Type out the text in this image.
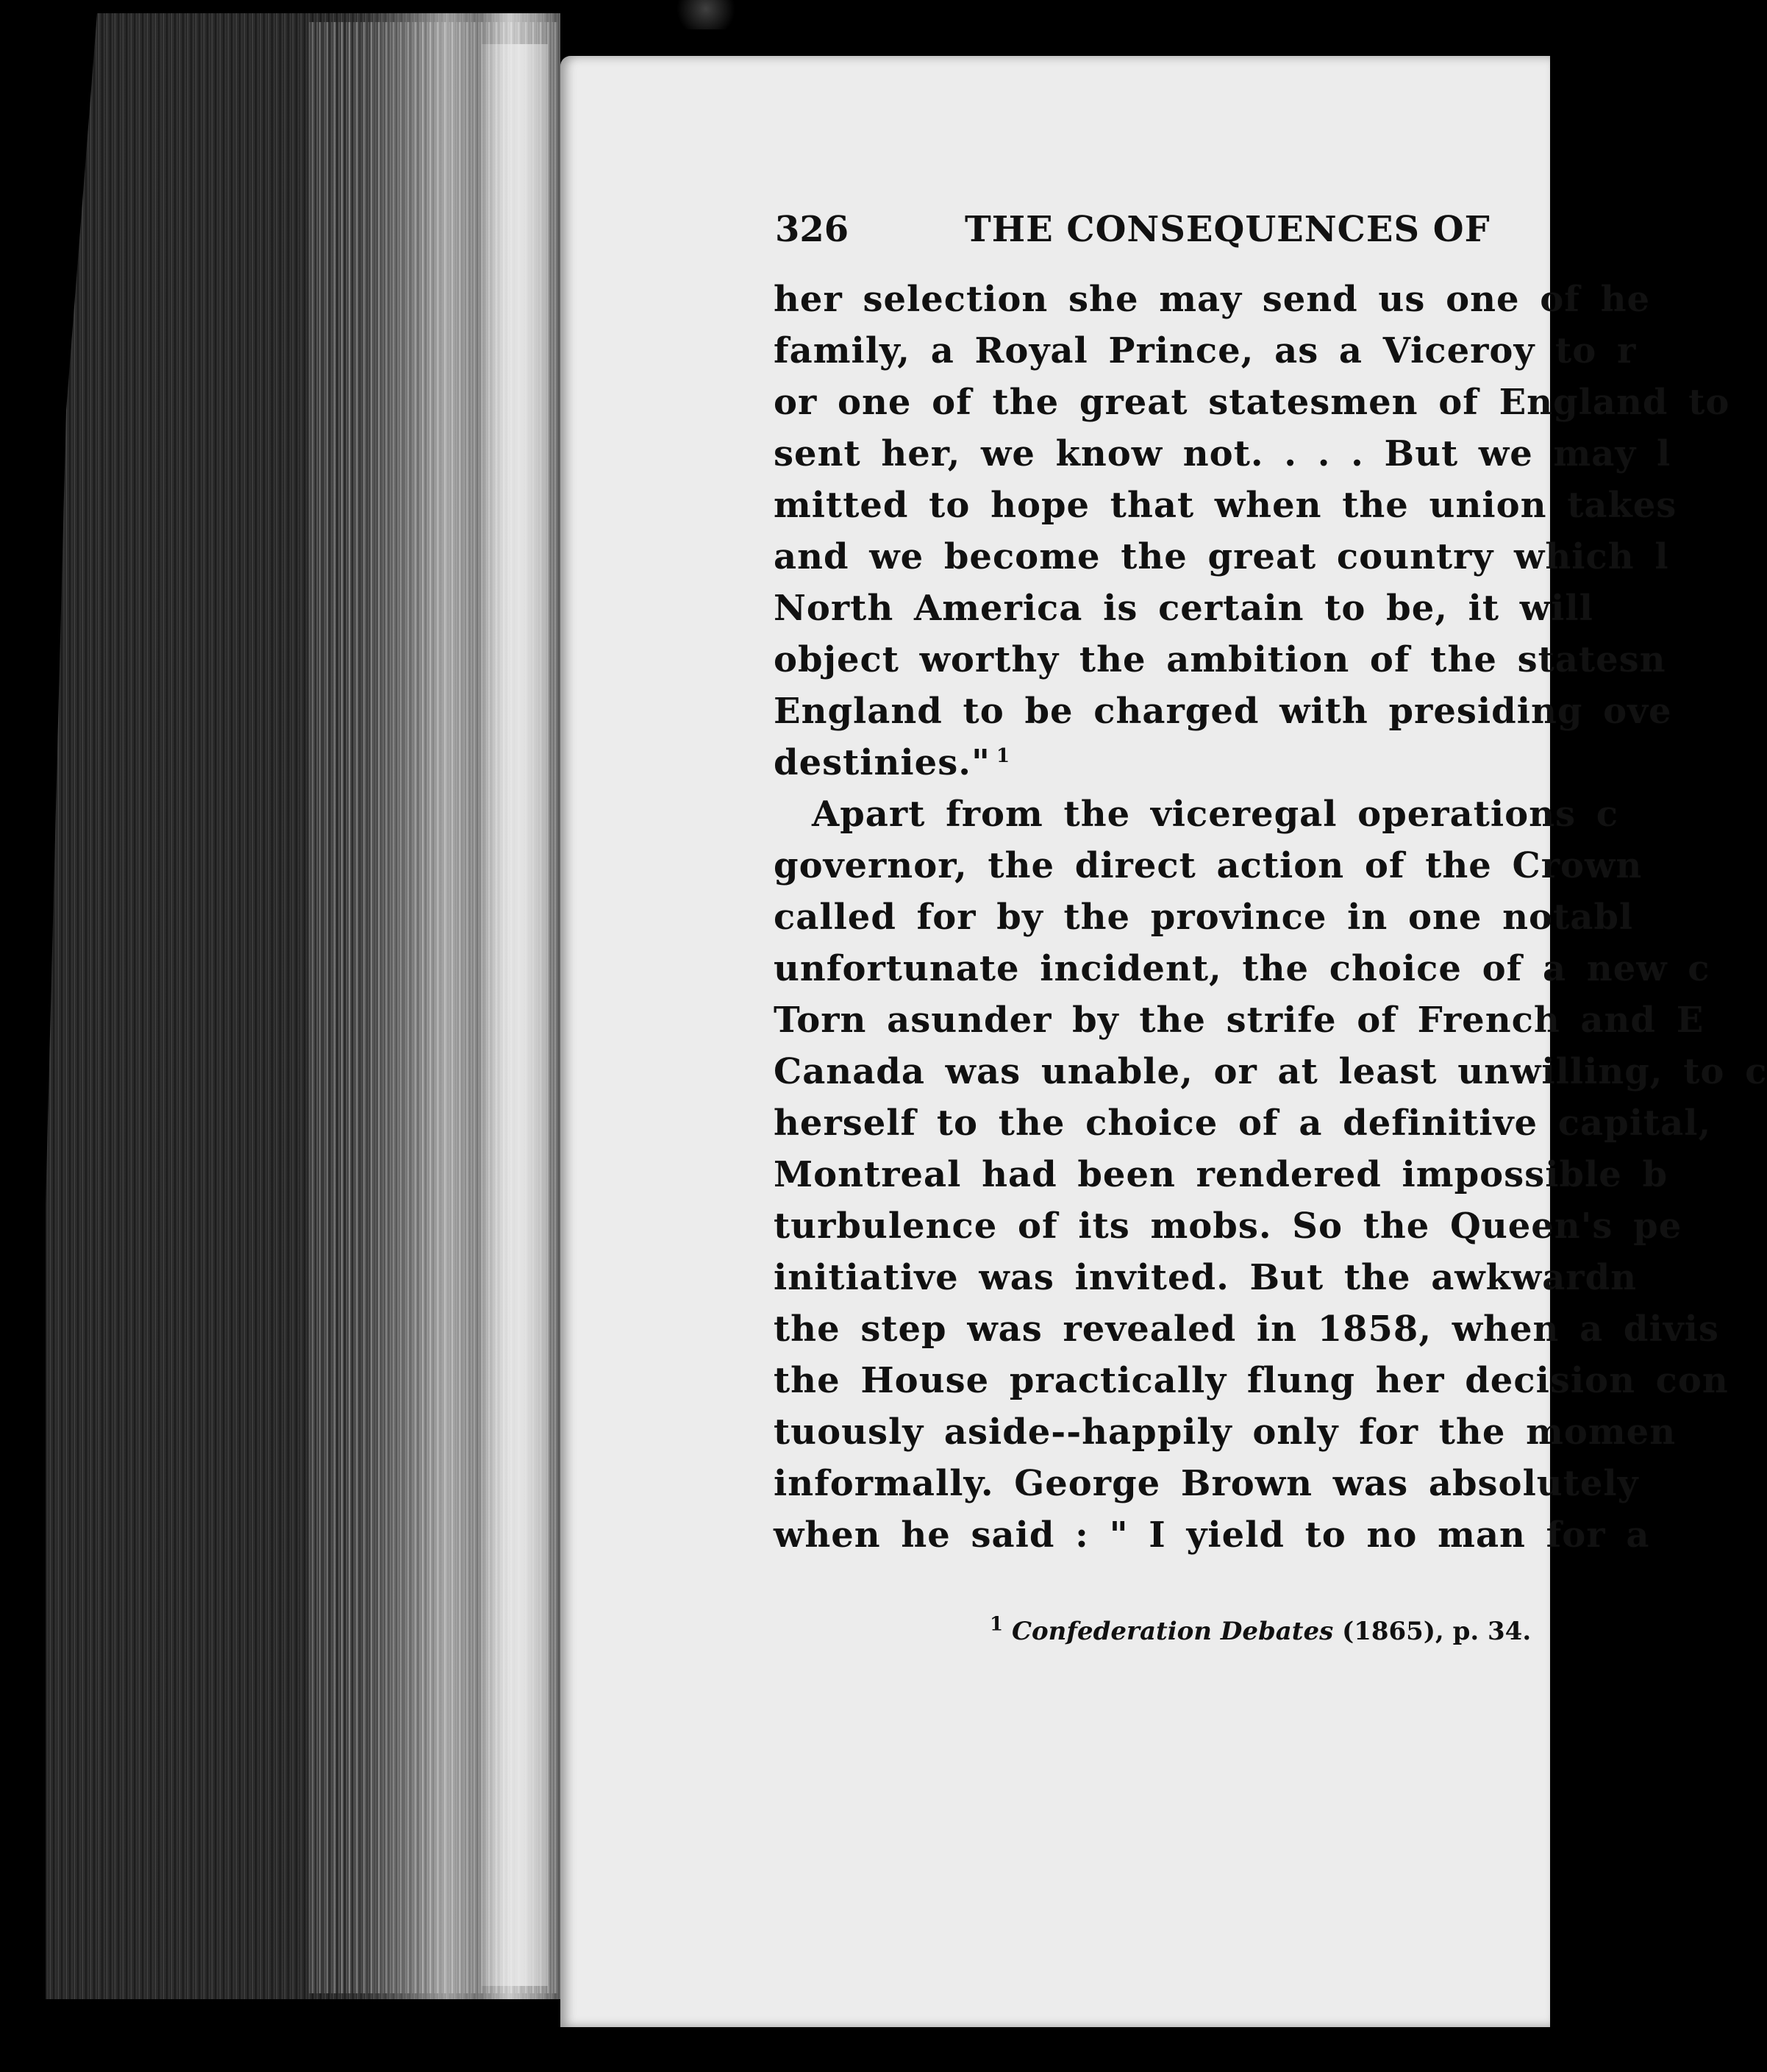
326	THE CONSEQUENCES OF
her selection she may send us one of he
family, a Royal Prince, as a Viceroy to r
or one of the great statesmen of England to
sent her, we know not. . . . But we may l
mitted to hope that when the union takes
and we become the great country which l
North America is certain to be, it will
object worthy the ambition of the statesn
England to be charged with presiding ove
destinies." $^1$
Apart from the viceregal operations c
governor, the direct action of the Crown
called for by the province in one notabl
unfortunate incident, the choice of a new c
Torn asunder by the strife of French and E
Canada was unable, or at least unwilling, to c
herself to the choice of a definitive capital,
Montreal had been rendered impossible b
turbulence of its mobs. So the Queen's pe
initiative was invited. But the awkwardn
the step was revealed in 1858, when a divis
the House practically flung her decision con
tuously aside--happily only for the momen
informally. George Brown was absolutely
when he said : " I yield to no man for a
$^1$ Confederation Debates (1865), p. 34.
